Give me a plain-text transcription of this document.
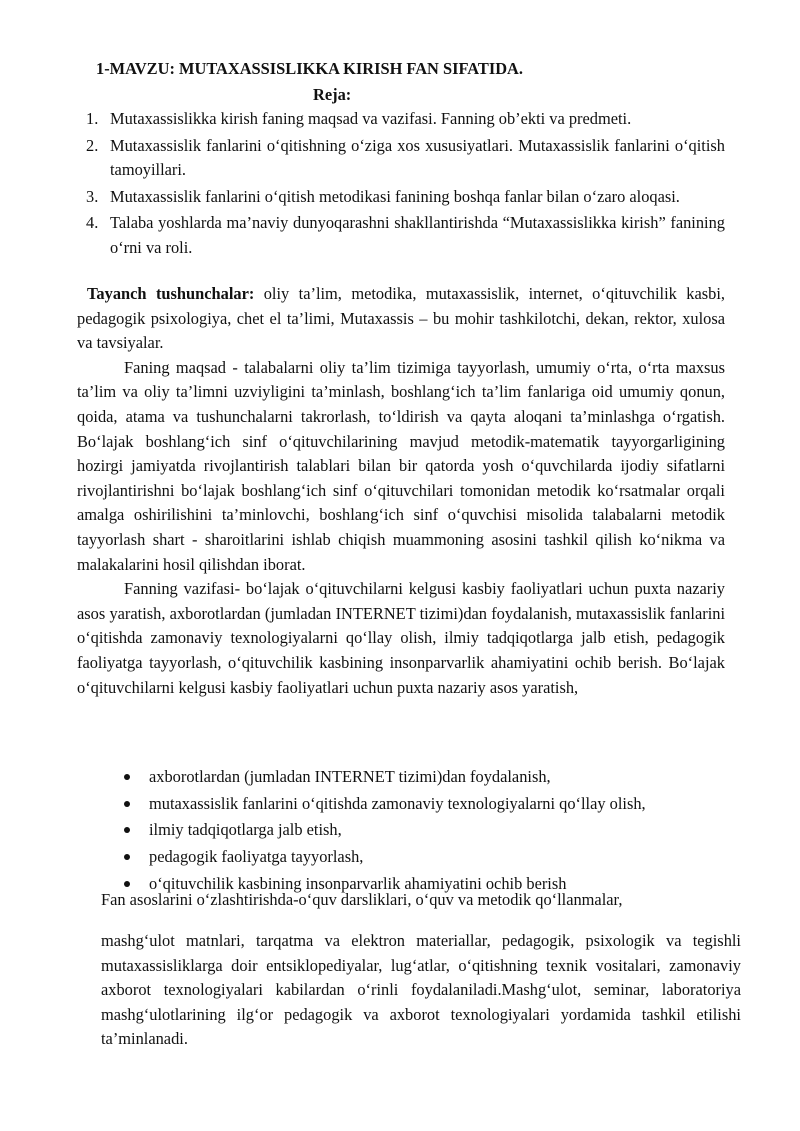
1-MAVZU: MUTAXASSISLIKKA KIRISH FAN SIFATIDA.
Reja:
1. Mutaxassislikka kirish faning maqsad va vazifasi. Fanning ob’ekti va predmeti.
2. Mutaxassislik fanlarini o‘qitishning o‘ziga xos xususiyatlari. Mutaxassislik fanlarini o‘qitish tamoyillari.
3. Mutaxassislik fanlarini o‘qitish metodikasi fanining boshqa fanlar bilan o‘zaro aloqasi.
4. Talaba yoshlarda ma’naviy dunyoqarashni shakllantirishda “Mutaxassislikka kirish” fanining o‘rni va roli.

Tayanch tushunchalar: oliy ta’lim, metodika, mutaxassislik, internet, o‘qituvchilik kasbi, pedagogik psixologiya, chet el ta’limi, Mutaxassis – bu mohir tashkilotchi, dekan, rektor, xulosa va tavsiyalar.

Faning maqsad - talabalarni oliy ta’lim tizimiga tayyorlash, umumiy o‘rta, o‘rta maxsus ta’lim va oliy ta’limni uzviyligini ta’minlash, boshlang‘ich ta’lim fanlariga oid umumiy qonun, qoida, atama va tushunchalarni takrorlash, to‘ldirish va qayta aloqani ta’minlashga o‘rgatish. Bo‘lajak boshlang‘ich sinf o‘qituvchilarining mavjud metodik-matematik tayyorgarligining hozirgi jamiyatda rivojlantirish talablari bilan bir qatorda yosh o‘quvchilarda ijodiy sifatlarni rivojlantirishni bo‘lajak boshlang‘ich sinf o‘qituvchilari tomonidan metodik ko‘rsatmalar orqali amalga oshirilishini ta’minlovchi, boshlang‘ich sinf o‘quvchisi misolida talabalarni metodik tayyorlash shart - sharoitlarini ishlab chiqish muammoning asosini tashkil qilish ko‘nikma va malakalarini hosil qilishdan iborat.

Fanning vazifasi- bo‘lajak o‘qituvchilarni kelgusi kasbiy faoliyatlari uchun puxta nazariy asos yaratish, axborotlardan (jumladan INTERNET tizimi)dan foydalanish, mutaxassislik fanlarini o‘qitishda zamonaviy texnologiyalarni qo‘llay olish, ilmiy tadqiqotlarga jalb etish, pedagogik faoliyatga tayyorlash, o‘qituvchilik kasbining insonparvarlik ahamiyatini ochib berish. Bo‘lajak o‘qituvchilarni kelgusi kasbiy faoliyatlari uchun puxta nazariy asos yaratish,

axborotlardan (jumladan INTERNET tizimi)dan foydalanish,
mutaxassislik fanlarini o‘qitishda zamonaviy texnologiyalarni qo‘llay olish,
ilmiy tadqiqotlarga jalb etish,
pedagogik faoliyatga tayyorlash,
o‘qituvchilik kasbining insonparvarlik ahamiyatini ochib berish
Fan asoslarini o‘zlashtirishda-o‘quv darsliklari, o‘quv va metodik qo‘llanmalar,

mashg‘ulot matnlari, tarqatma va elektron materiallar, pedagogik, psixologik va tegishli mutaxassisliklarga doir entsiklopediyalar, lug‘atlar, o‘qitishning texnik vositalari, zamonaviy axborot texnologiyalari kabilardan o‘rinli foydalaniladi.Mashg‘ulot, seminar, laboratoriya mashg‘ulotlarining ilg‘or pedagogik va axborot texnologiyalari yordamida tashkil etilishi ta’minlanadi.
